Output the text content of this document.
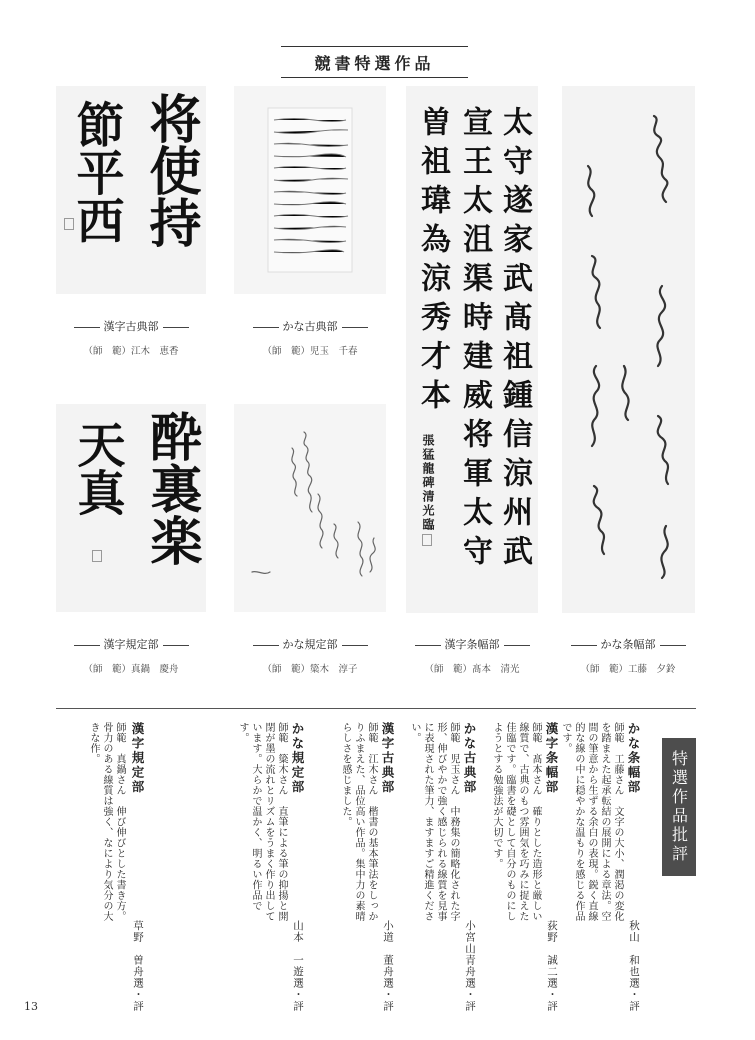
競書特選作品
将使持
節平西
漢字古典部
（師　範）江木　恵香
かな古典部
（師　範）児玉　千春	太守遂家武髙祖鍾信涼州武
宣王太沮渠時建威将軍太守
曽祖瑋為涼秀才本
張猛龍碑清光臨
漢字条幅部
（師　範）髙本　清光
かな条幅部
（師　範）工藤　夕鈴
酔裏楽
天真
漢字規定部
（師　範）真鍋　慶舟
かな規定部
（師　範）簗木　淳子
特選作品批評
かな条幅部
師範　工藤さん　文字の大小、潤渇の変化を踏まえた起承転結の展開による章法。空間の筆意から生ずる余白の表現。鋭く直線的な線の中に穏やかな温もりを感じる作品です。
秋山　和也選・評
漢字条幅部
師範　髙本さん　確りとした造形と厳しい線質で、古典のもつ雰囲気を巧みに捉えた佳臨です。臨書を礎として自分のものにしようとする勉強法が大切です。
荻野　誠二選・評
かな古典部
師範　児玉さん　中務集の簡略化された字形、伸びやかで強く感じられる線質を見事に表現された筆力、ますますご精進ください。
小宮山青舟選・評
漢字古典部
師範　江木さん　楷書の基本筆法をしっかりふまえた、品位高い作品。集中力の素晴らしさを感じました。
小道　董舟選・評
かな規定部
師範　簗木さん　直筆による筆の抑揚と開閉が墨の流れとリズムをうまく作り出しています。大らかで温かく、明るい作品です。
山本　一遊選・評
漢字規定部
師範　真鍋さん　伸び伸びとした書き方。骨力のある線質は強く、なにより気分の大きな作。
草野　曽舟選・評
13
